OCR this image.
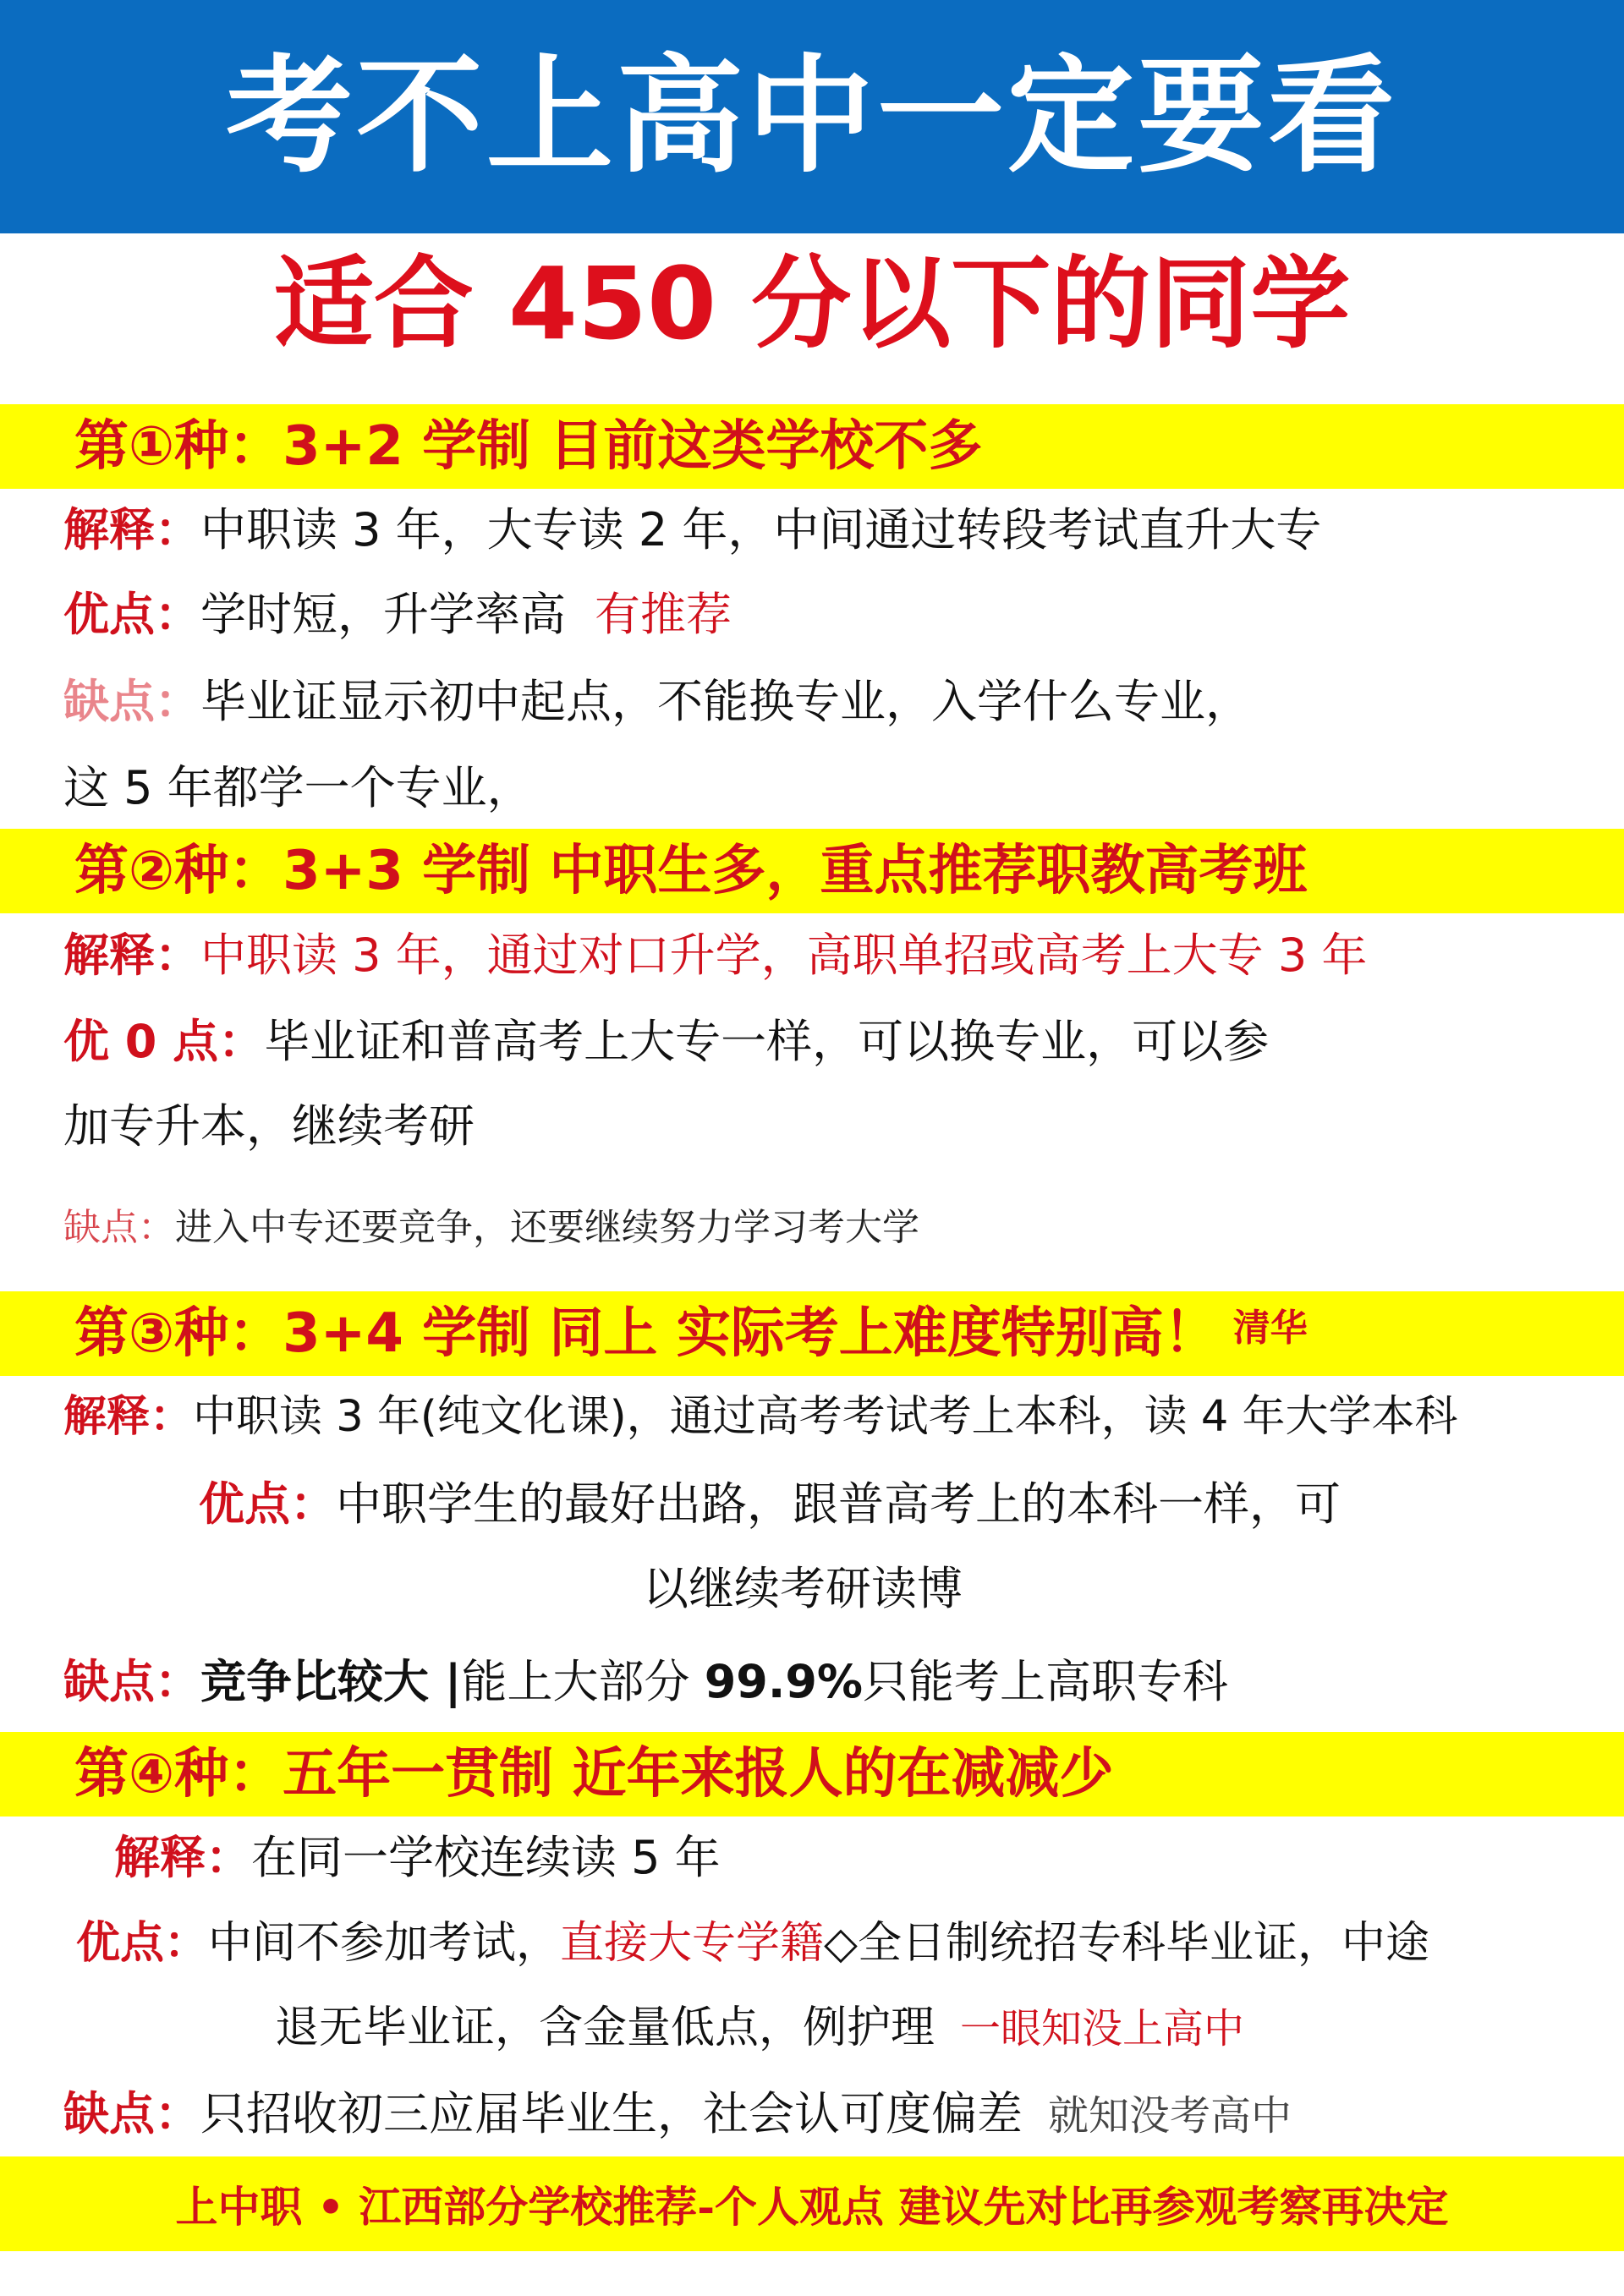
考不上高中一定要看
适合 450 分以下的同学
第①种：3+2 学制 目前这类学校不多
解释：中职读 3 年，大专读 2 年，中间通过转段考试直升大专
优点：学时短，升学率高 有推荐
缺点：毕业证显示初中起点，不能换专业，入学什么专业，
这 5 年都学一个专业，
第②种：3+3 学制 中职生多，重点推荐职教高考班
解释：中职读 3 年，通过对口升学，高职单招或高考上大专 3 年
优 0 点：毕业证和普高考上大专一样，可以换专业，可以参
加专升本，继续考研
缺点：进入中专还要竞争，还要继续努力学习考大学
第③种：3+4 学制 同上 实际考上难度特别高！ 清华
解释：中职读 3 年(纯文化课)，通过高考考试考上本科，读 4 年大学本科
优点：中职学生的最好出路，跟普高考上的本科一样，可
以继续考研读博
缺点：竞争比较大 |能上大部分 99.9%只能考上高职专科
第④种：五年一贯制 近年来报人的在减减少
解释：在同一学校连续读 5 年
优点：中间不参加考试，直接大专学籍◇全日制统招专科毕业证，中途
退无毕业证，含金量低点，例护理 一眼知没上高中
缺点：只招收初三应届毕业生，社会认可度偏差 就知没考高中
上中职 • 江西部分学校推荐-个人观点 建议先对比再参观考察再决定
